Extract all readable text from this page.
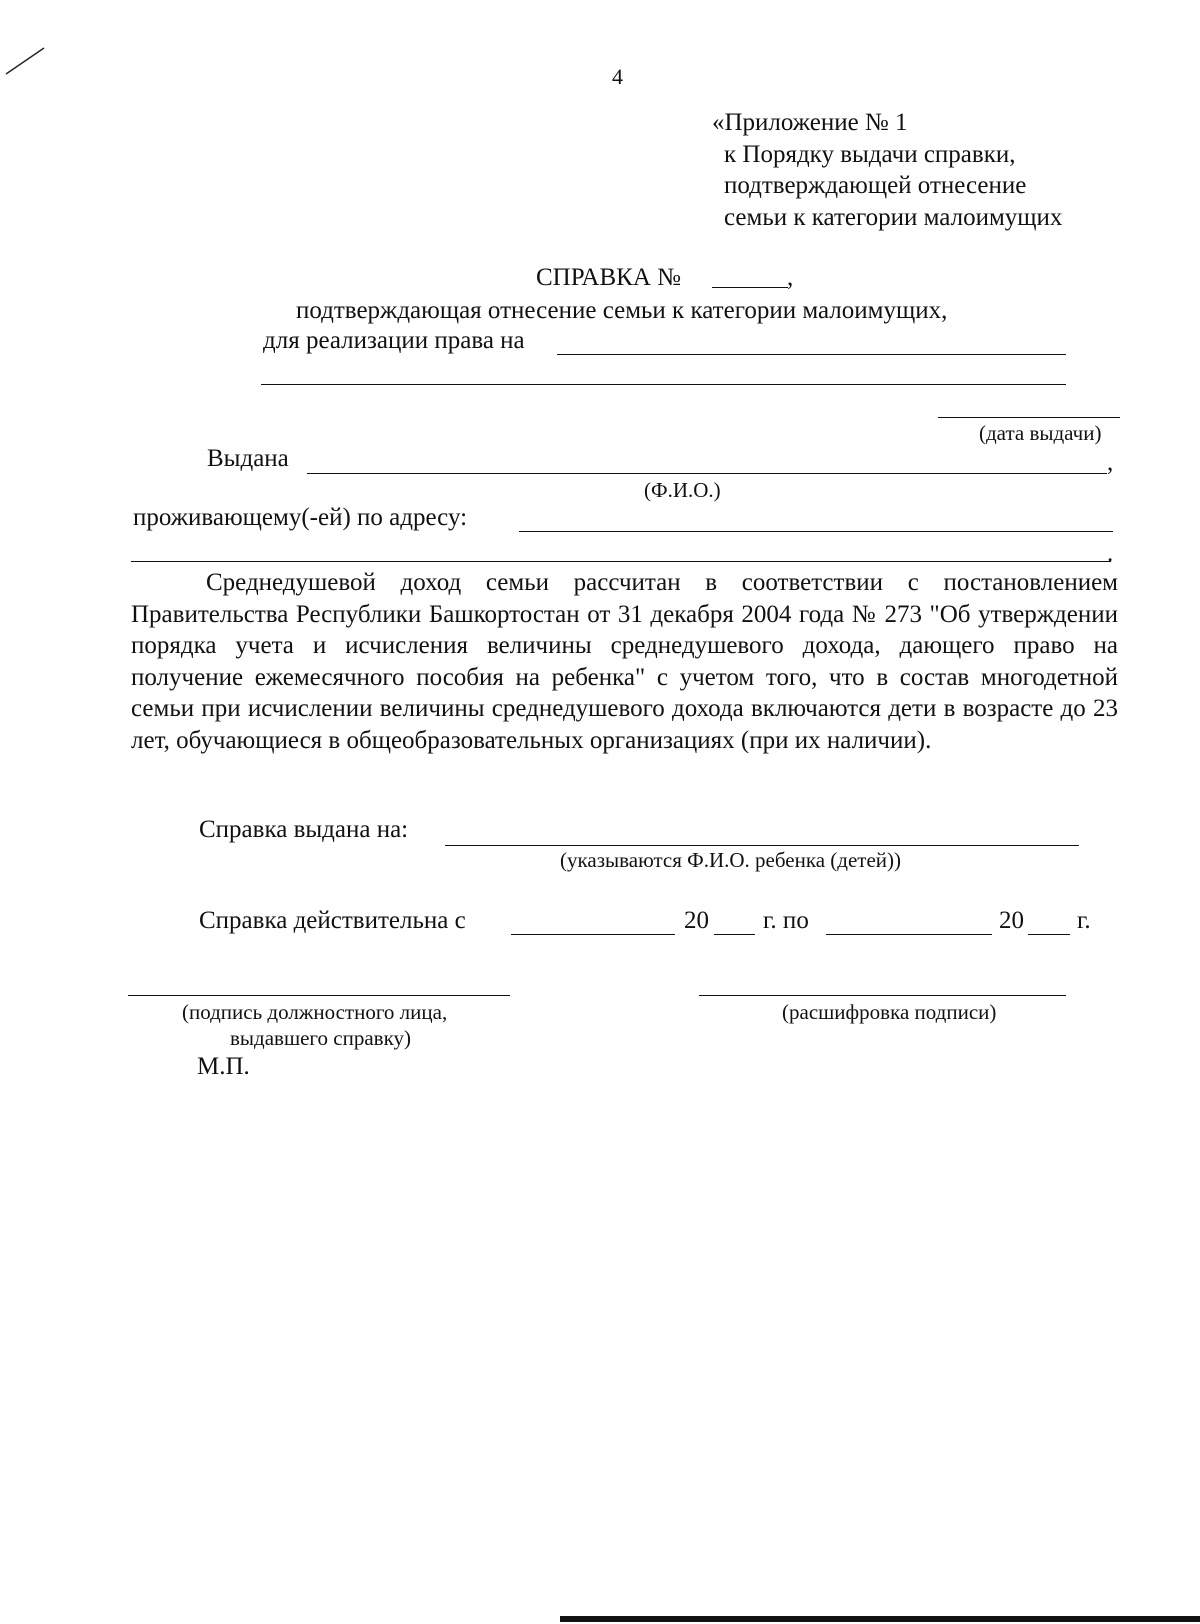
4
«Приложение № 1
к Порядку выдачи справки,
подтверждающей отнесение
семьи к категории малоимущих
СПРАВКА №	,
подтверждающая отнесение семьи к категории малоимущих,
для реализации права на
(дата выдачи)
Выдана	,
(Ф.И.О.)
проживающему(-ей) по адресу:
.
Среднедушевой доход семьи рассчитан в соответствии с постановлением Правительства Республики Башкортостан от 31 декабря 2004 года № 273 "Об утверждении порядка учета и исчисления величины среднедушевого дохода, дающего право на получение ежемесячного пособия на ребенка" с учетом того, что в состав многодетной семьи при исчислении величины среднедушевого дохода включаются дети в возрасте до 23 лет, обучающиеся в общеобразовательных организациях (при их наличии).
Справка выдана на:
(указываются Ф.И.О. ребенка (детей))
Справка действительна с	20 г. по	20 г.
(подпись должностного лица,
выдавшего справку)
(расшифровка подписи)
М.П.
